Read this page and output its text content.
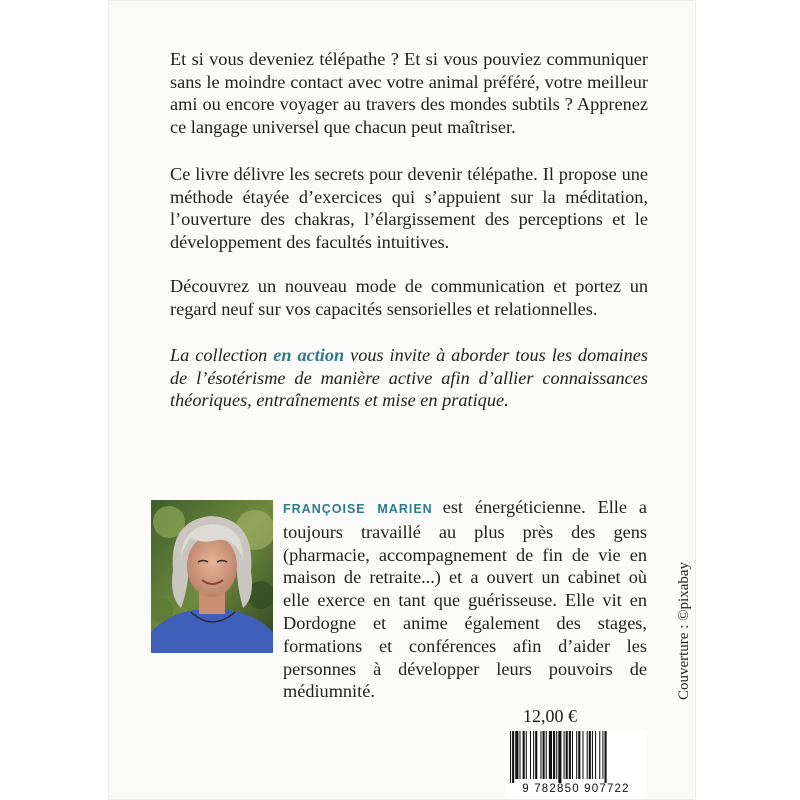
Et si vous deveniez télépathe ? Et si vous pouviez communiquer sans le moindre contact avec votre animal préféré, votre meilleur ami ou encore voyager au travers des mondes subtils ? Apprenez ce langage universel que chacun peut maîtriser.

Ce livre délivre les secrets pour devenir télépathe. Il propose une méthode étayée d’exercices qui s’appuient sur la méditation, l’ouverture des chakras, l’élargissement des perceptions et le développement des facultés intuitives.

Découvrez un nouveau mode de communication et portez un regard neuf sur vos capacités sensorielles et relationnelles.

La collection en action vous invite à aborder tous les domaines de l’ésotérisme de manière active afin d’allier connaissances théoriques, entraînements et mise en pratique.

FRANÇOISE MARIEN est énergéticienne. Elle a toujours travaillé au plus près des gens (pharmacie, accompagnement de fin de vie en maison de retraite...) et a ouvert un cabinet où elle exerce en tant que guérisseuse. Elle vit en Dordogne et anime également des stages, formations et conférences afin d’aider les personnes à développer leurs pouvoirs de médiumnité.

12,00 €
9 782850 907722
Couverture : ©pixabay
